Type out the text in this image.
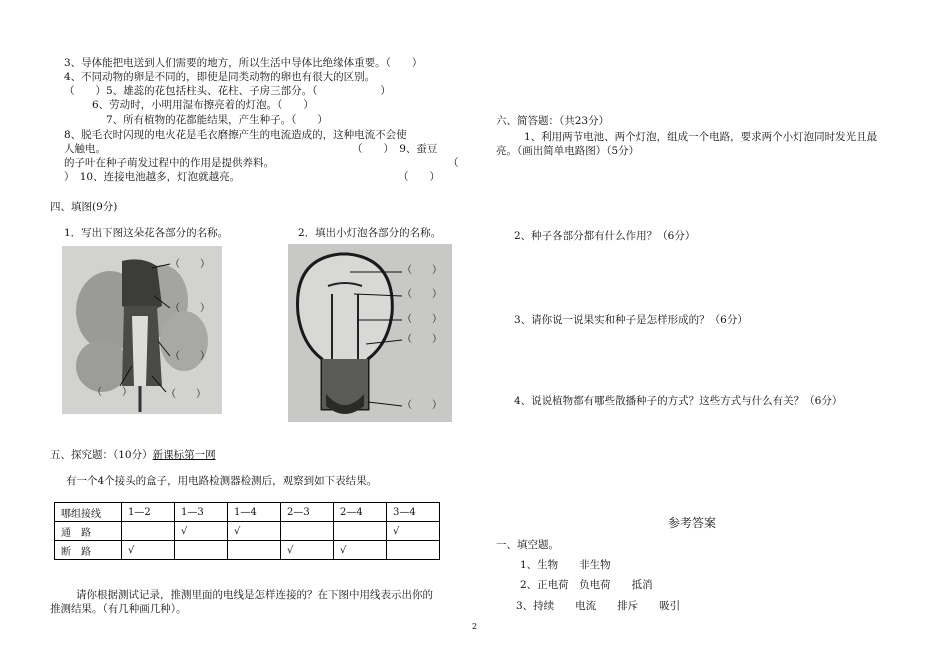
3、导体能把电送到人们需要的地方，所以生活中导体比绝缘体重要。（　　）
4、不同动物的卵是不同的，即使是同类动物的卵也有很大的区别。
（　　）5、雄蕊的花包括柱头、花柱、子房三部分。（　　　　　　）
6、劳动时，小明用湿布擦亮着的灯泡。（　　）
7、所有植物的花都能结果，产生种子。（　　）
8、脱毛衣时闪现的电火花是毛衣磨擦产生的电流造成的，这种电流不会使
人触电。	（　　）　9、蚕豆
的子叶在种子萌发过程中的作用是提供养料。	（
）　10、连接电池越多，灯泡就越亮。	（　　）
四、填图(9分)
1．写出下图这朵花各部分的名称。	2．填出小灯泡各部分的名称。
（　　）
（　　）
（　　）
（　　）	（　　）
（　　）
（　　）
（　　）
（　　）
（　　）
五、探究题：（10分）新课标第一网
有一个4个接头的盒子，用电路检测器检测后，观察到如下表结果。
哪组接线	1—2	1—3	1—4	2—3	2—4	3—4
通　路		√	√			√
断　路	√			√	√	
请你根据测试记录，推测里面的电线是怎样连接的？在下图中用线表示出你的
推测结果。（有几种画几种）。
六、简答题：（共23分）
1、利用两节电池、两个灯泡，组成一个电路，要求两个小灯泡同时发光且最
亮。（画出简单电路图）（5分）
2、种子各部分都有什么作用？（6分）
3、请你说一说果实和种子是怎样形成的？（6分）
4、说说植物都有哪些散播种子的方式？这些方式与什么有关？（6分）
参考答案
一、填空题。
1、生物　　非生物
2、正电荷　负电荷　　抵消
3、持续　　电流　　排斥　　吸引
2
